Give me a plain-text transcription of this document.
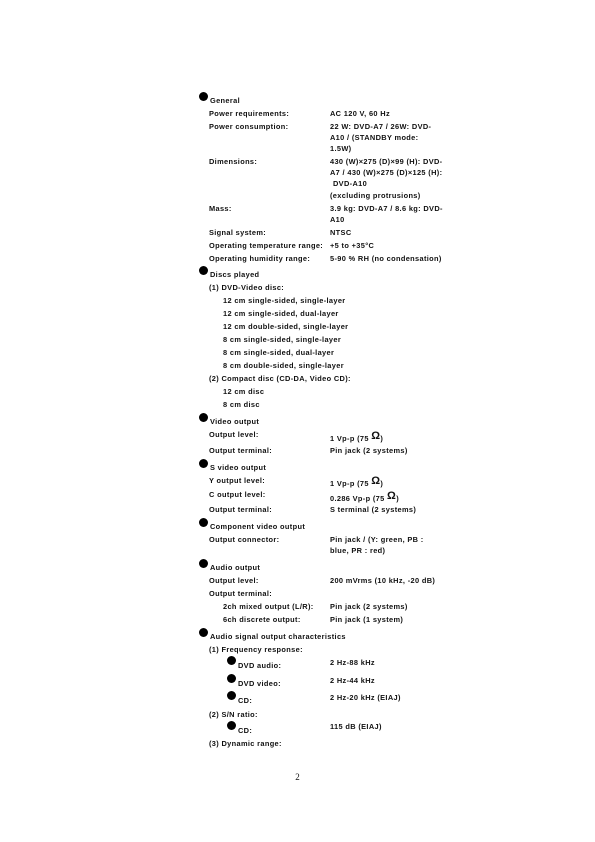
General
Power requirements:	AC 120 V, 60 Hz
Power consumption:	22 W: DVD-A7 / 26W: DVD-
A10 / (STANDBY mode:
1.5W)
Dimensions:	430 (W)×275 (D)×99 (H): DVD-
A7 / 430 (W)×275 (D)×125 (H):
DVD-A10
(excluding protrusions)
Mass:	3.9 kg: DVD-A7 / 8.6 kg: DVD-
A10
Signal system:	NTSC
Operating temperature range: +5 to +35°C
Operating humidity range:	5-90 % RH (no condensation)
Discs played
(1) DVD-Video disc:
12 cm single-sided, single-layer
12 cm single-sided, dual-layer
12 cm double-sided, single-layer
8 cm single-sided, single-layer
8 cm single-sided, dual-layer
8 cm double-sided, single-layer
(2) Compact disc (CD-DA, Video CD):
12 cm disc
8 cm disc
Video output
Output level:	1 Vp-p (75 Ω)
Output terminal:	Pin jack (2 systems)
S video output
Y output level:	1 Vp-p (75 Ω)
C output level:	0.286 Vp-p (75 Ω)
Output terminal:	S terminal (2 systems)
Component video output
Output connector:	Pin jack / (Y: green, PB :
blue, PR : red)
Audio output
Output level:	200 mVrms (10 kHz, -20 dB)
Output terminal:
2ch mixed output (L/R): Pin jack (2 systems)
6ch discrete output:	Pin jack (1 system)
Audio signal output characteristics
(1) Frequency response:
DVD audio:	2 Hz-88 kHz
DVD video:	2 Hz-44 kHz
CD:	2 Hz-20 kHz (EIAJ)
(2) S/N ratio:
CD:	115 dB (EIAJ)
(3) Dynamic range:
2
